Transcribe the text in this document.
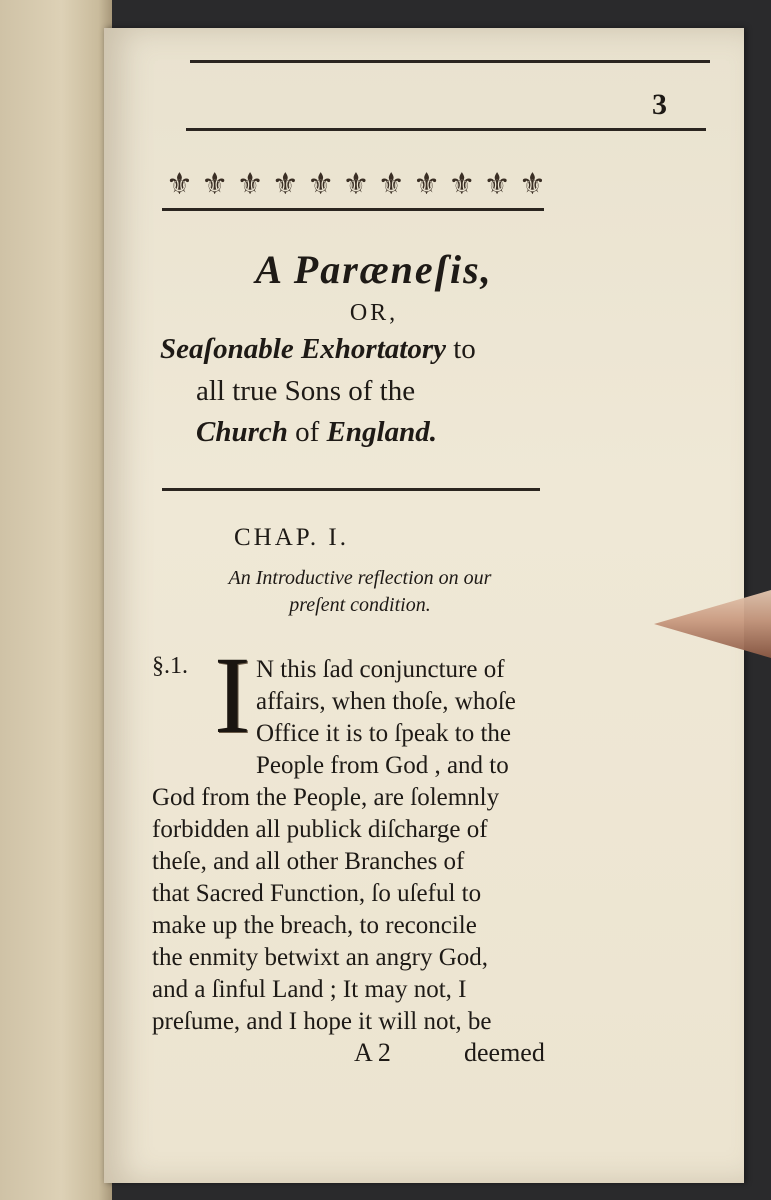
3
⚜ ⚜ ⚜ ⚜ ⚜ ⚜ ⚜ ⚜ ⚜ ⚜ ⚜
A Paræneſis,
OR,
Seaſonable Exhortatory to
all true Sons of the
Church of England.
CHAP. I.
An Introductive reflection on our
preſent condition.
§.1. I N this ſad conjuncture of
affairs, when thoſe, whoſe
Office it is to ſpeak to the
People from God , and to
God from the People, are ſolemnly
forbidden all publick diſcharge of
theſe, and all other Branches of
that Sacred Function, ſo uſeful to
make up the breach, to reconcile
the enmity betwixt an angry God,
and a ſinful Land ; It may not, I
preſume, and I hope it will not, be
A 2	deemed
